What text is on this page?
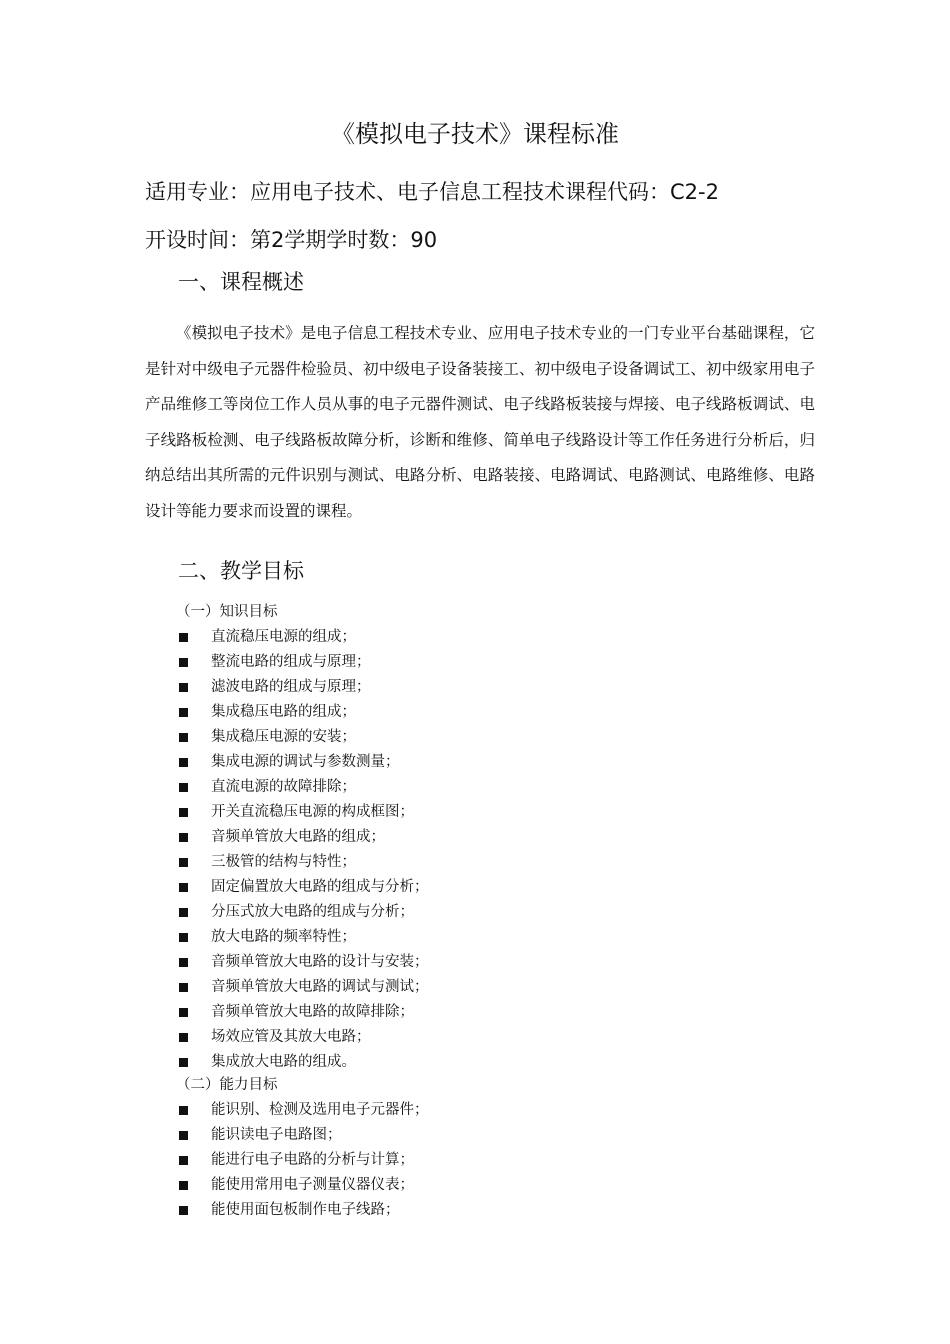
《模拟电子技术》课程标准
适用专业：应用电子技术、电子信息工程技术课程代码：C2-2
开设时间：第2学期学时数：90
一、课程概述

《模拟电子技术》是电子信息工程技术专业、应用电子技术专业的一门专业平台基础课程，它是针对中级电子元器件检验员、初中级电子设备装接工、初中级电子设备调试工、初中级家用电子产品维修工等岗位工作人员从事的电子元器件测试、电子线路板装接与焊接、电子线路板调试、电子线路板检测、电子线路板故障分析，诊断和维修、简单电子线路设计等工作任务进行分析后，归纳总结出其所需的元件识别与测试、电路分析、电路装接、电路调试、电路测试、电路维修、电路设计等能力要求而设置的课程。

二、教学目标
（一）知识目标
直流稳压电源的组成；
整流电路的组成与原理；
滤波电路的组成与原理；
集成稳压电路的组成；
集成稳压电源的安装；
集成电源的调试与参数测量；
直流电源的故障排除；
开关直流稳压电源的构成框图；
音频单管放大电路的组成；
三极管的结构与特性；
固定偏置放大电路的组成与分析；
分压式放大电路的组成与分析；
放大电路的频率特性；
音频单管放大电路的设计与安装；
音频单管放大电路的调试与测试；
音频单管放大电路的故障排除；
场效应管及其放大电路；
集成放大电路的组成。
（二）能力目标
能识别、检测及选用电子元器件；
能识读电子电路图；
能进行电子电路的分析与计算；
能使用常用电子测量仪器仪表；
能使用面包板制作电子线路；
